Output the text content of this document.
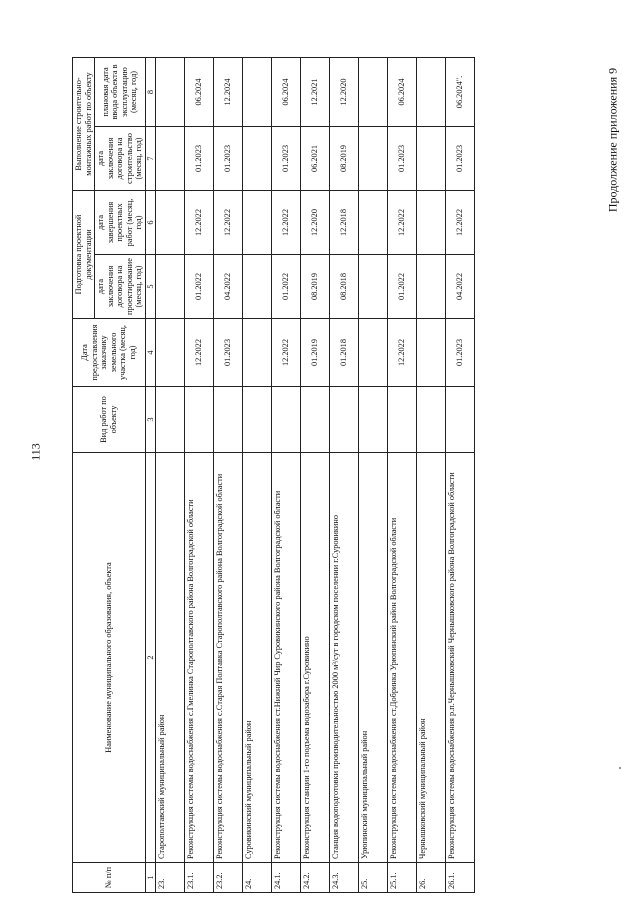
113
Продолжение приложения 9
№ п/п	Наименование муниципального образования, объекта	Вид работ по объекту	Дата предоставления заказчику земельного участка (месяц, год)	Подготовка проектной документации		Выполнение строительно-монтажных работ по объекту	
				дата заключения договора на проектирование (месяц, год)	дата завершения проектных работ (месяц, год)	дата заключения договора на строительство (месяц, год)	плановая дата ввода объекта в эксплуатацию (месяц, год)
1	2	3	4	5	6	7	8
23.	Старополтавский муниципальный район						
23.1.	Реконструкция системы водоснабжения с.Гмелинка Старополтавского района Волгоградской области		12.2022	01.2022	12.2022	01.2023	06.2024
23.2.	Реконструкция системы водоснабжения с.Старая Полтавка Старополтавского района Волгоградской области		01.2023	04.2022	12.2022	01.2023	12.2024
24.	Суровикинский муниципальный район						
24.1.	Реконструкция системы водоснабжения ст.Нижний Чир Суровикинского района Волгоградской области		12.2022	01.2022	12.2022	01.2023	06.2024
24.2.	Реконструкция станции 1-го подъема водозабора г.Суровикино		01.2019	08.2019	12.2020	06.2021	12.2021
24.3.	Станция водоподготовки производительностью 2000 м³/сут в городском поселении г.Суровикино		01.2018	08.2018	12.2018	08.2019	12.2020
25.	Урюпинский муниципальный район						
25.1.	Реконструкция системы водоснабжения ст.Добринка Урюпинский район Волгоградской области		12.2022	01.2022	12.2022	01.2023	06.2024
26.	Чернышковский муниципальный район						
26.1.	Реконструкция системы водоснабжения р.п.Чернышковский Чернышковского района Волгоградской области		01.2023	04.2022	12.2022	01.2023	06.2024".
